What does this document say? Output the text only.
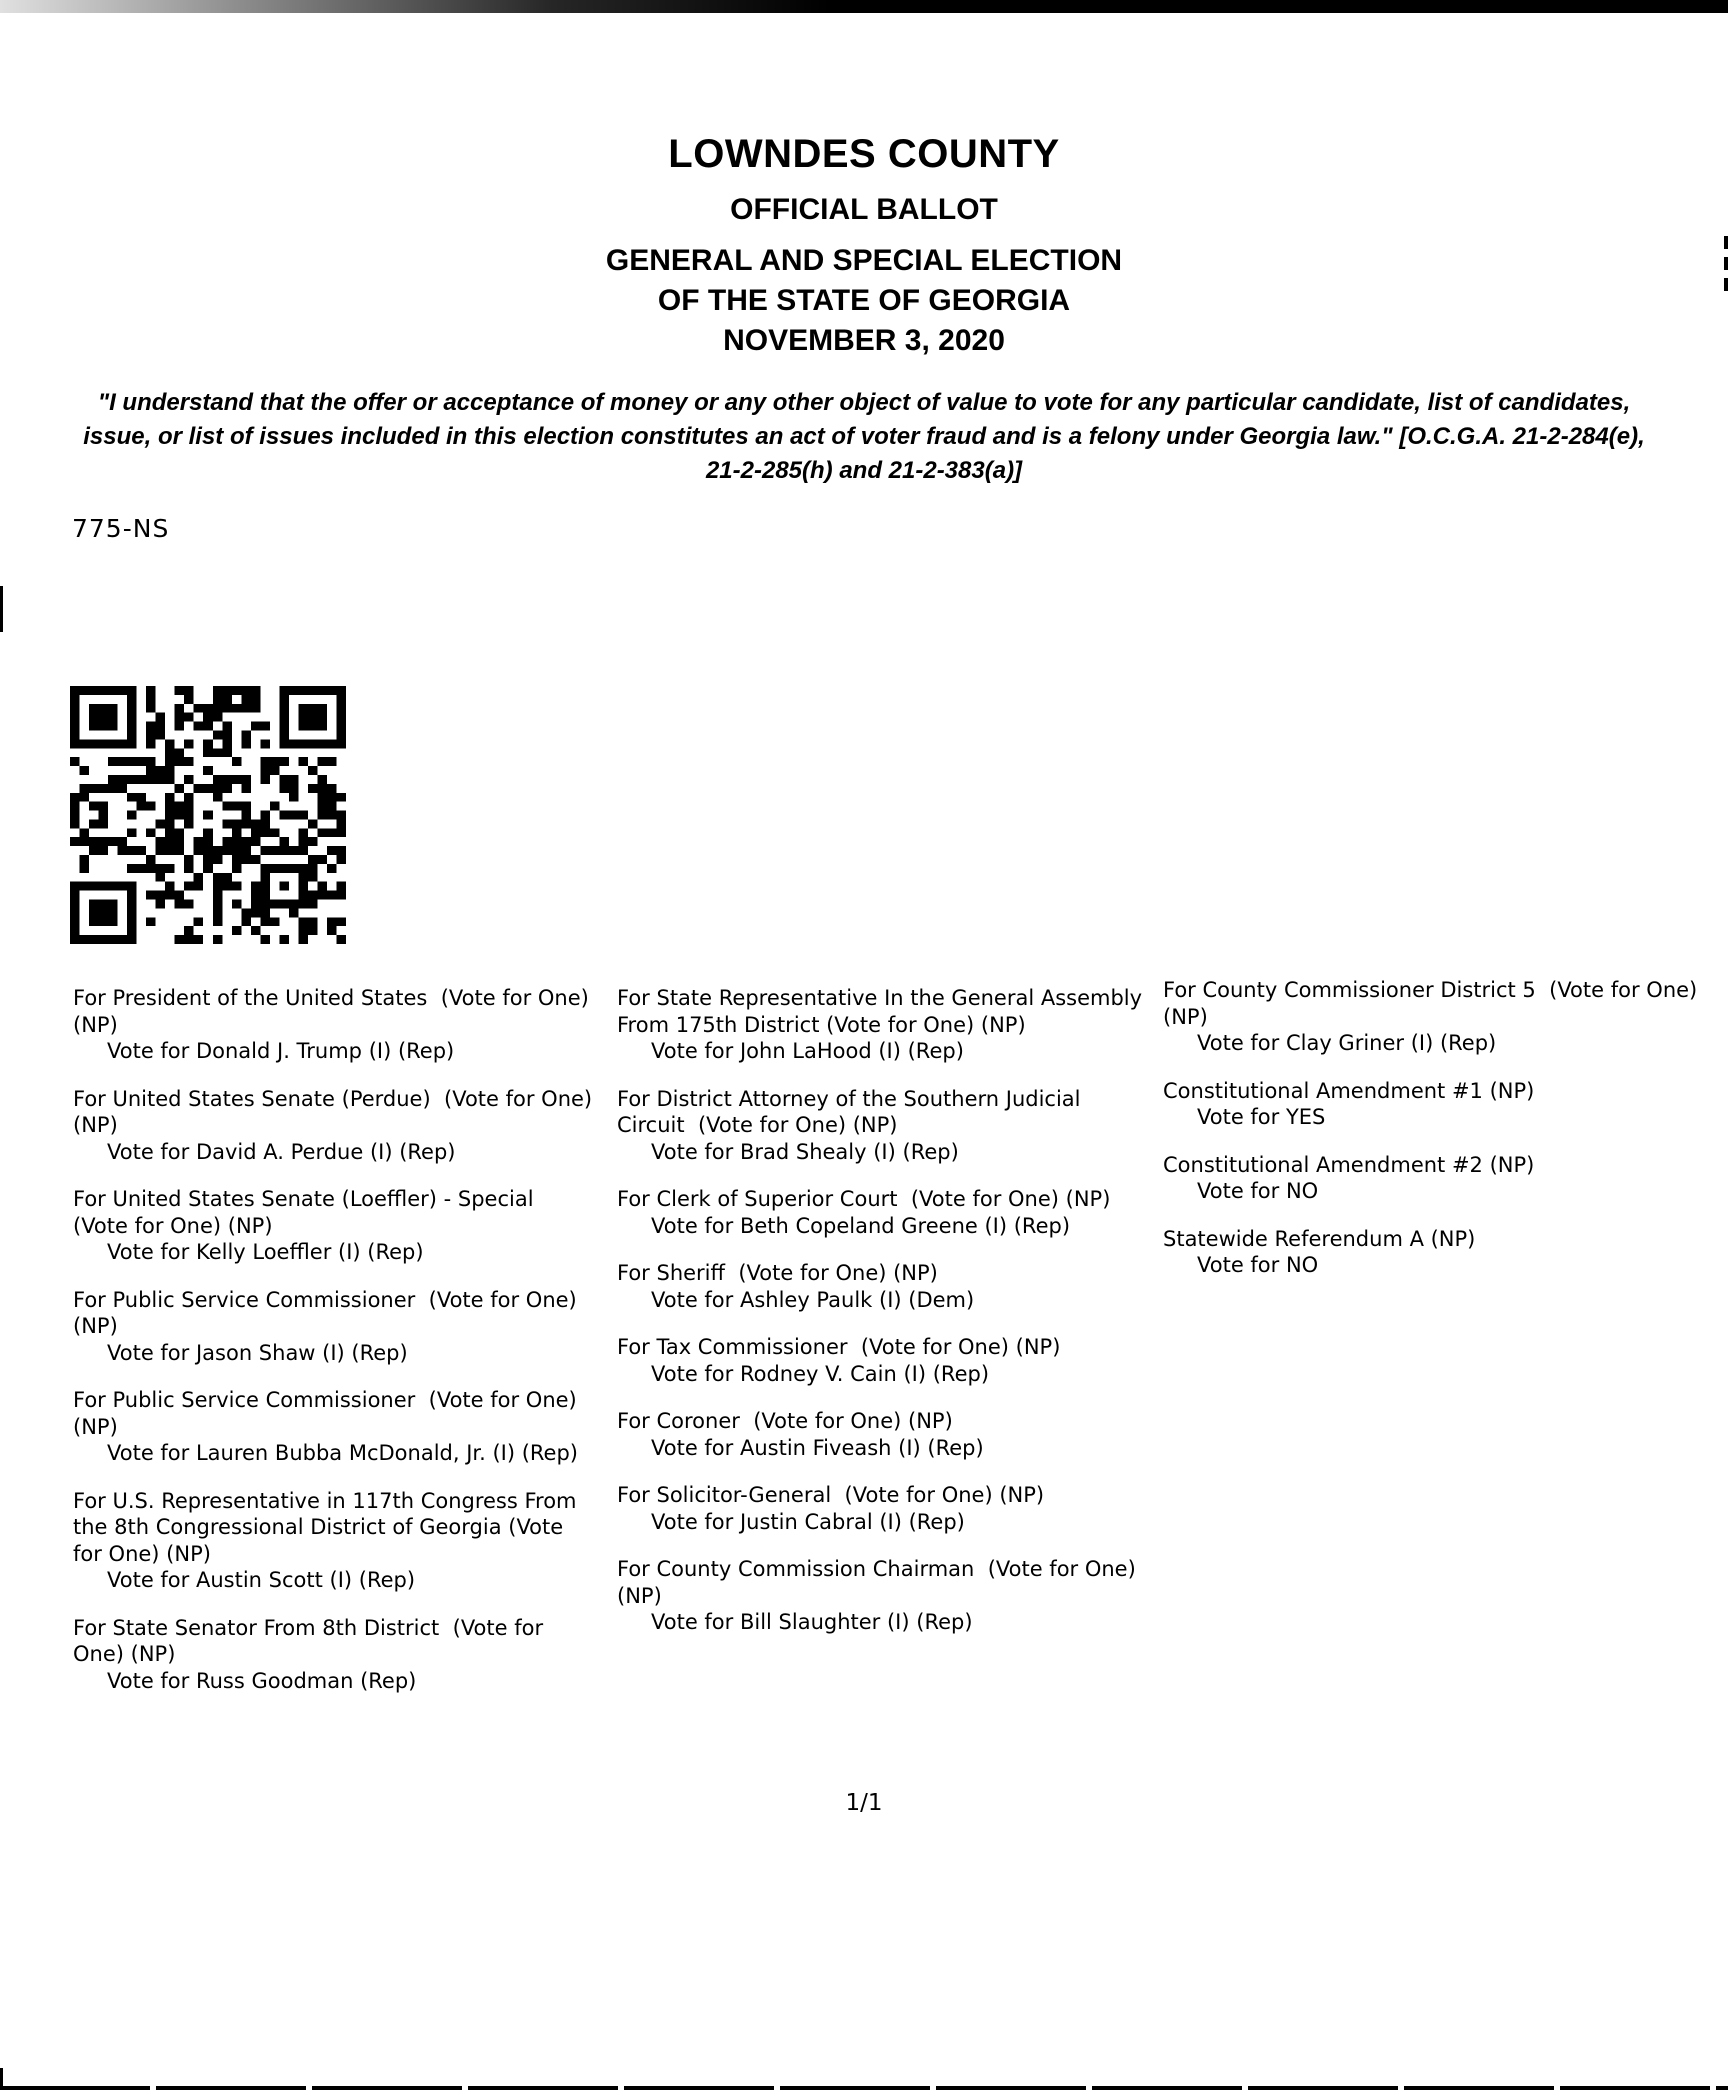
LOWNDES COUNTY
OFFICIAL BALLOT
GENERAL AND SPECIAL ELECTION
OF THE STATE OF GEORGIA
NOVEMBER 3, 2020
"I understand that the offer or acceptance of money or any other object of value to vote for any particular candidate, list of candidates, issue, or list of issues included in this election constitutes an act of voter fraud and is a felony under Georgia law." [O.C.G.A. 21-2-284(e), 21-2-285(h) and 21-2-383(a)]
775-NS
For President of the United States  (Vote for One) (NP)
Vote for Donald J. Trump (I) (Rep)
For United States Senate (Perdue)  (Vote for One) (NP)
Vote for David A. Perdue (I) (Rep)
For United States Senate (Loeffler) - Special  (Vote for One) (NP)
Vote for Kelly Loeffler (I) (Rep)
For Public Service Commissioner  (Vote for One) (NP)
Vote for Jason Shaw (I) (Rep)
For Public Service Commissioner  (Vote for One) (NP)
Vote for Lauren Bubba McDonald, Jr. (I) (Rep)
For U.S. Representative in 117th Congress From the 8th Congressional District of Georgia (Vote for One) (NP)
Vote for Austin Scott (I) (Rep)
For State Senator From 8th District  (Vote for One) (NP)
Vote for Russ Goodman (Rep)
For State Representative In the General Assembly From 175th District (Vote for One) (NP)
Vote for John LaHood (I) (Rep)
For District Attorney of the Southern Judicial Circuit  (Vote for One) (NP)
Vote for Brad Shealy (I) (Rep)
For Clerk of Superior Court  (Vote for One) (NP)
Vote for Beth Copeland Greene (I) (Rep)
For Sheriff  (Vote for One) (NP)
Vote for Ashley Paulk (I) (Dem)
For Tax Commissioner  (Vote for One) (NP)
Vote for Rodney V. Cain (I) (Rep)
For Coroner  (Vote for One) (NP)
Vote for Austin Fiveash (I) (Rep)
For Solicitor-General  (Vote for One) (NP)
Vote for Justin Cabral (I) (Rep)
For County Commission Chairman  (Vote for One) (NP)
Vote for Bill Slaughter (I) (Rep)
For County Commissioner District 5  (Vote for One) (NP)
Vote for Clay Griner (I) (Rep)
Constitutional Amendment #1 (NP)
Vote for YES
Constitutional Amendment #2 (NP)
Vote for NO
Statewide Referendum A (NP)
Vote for NO
1/1
